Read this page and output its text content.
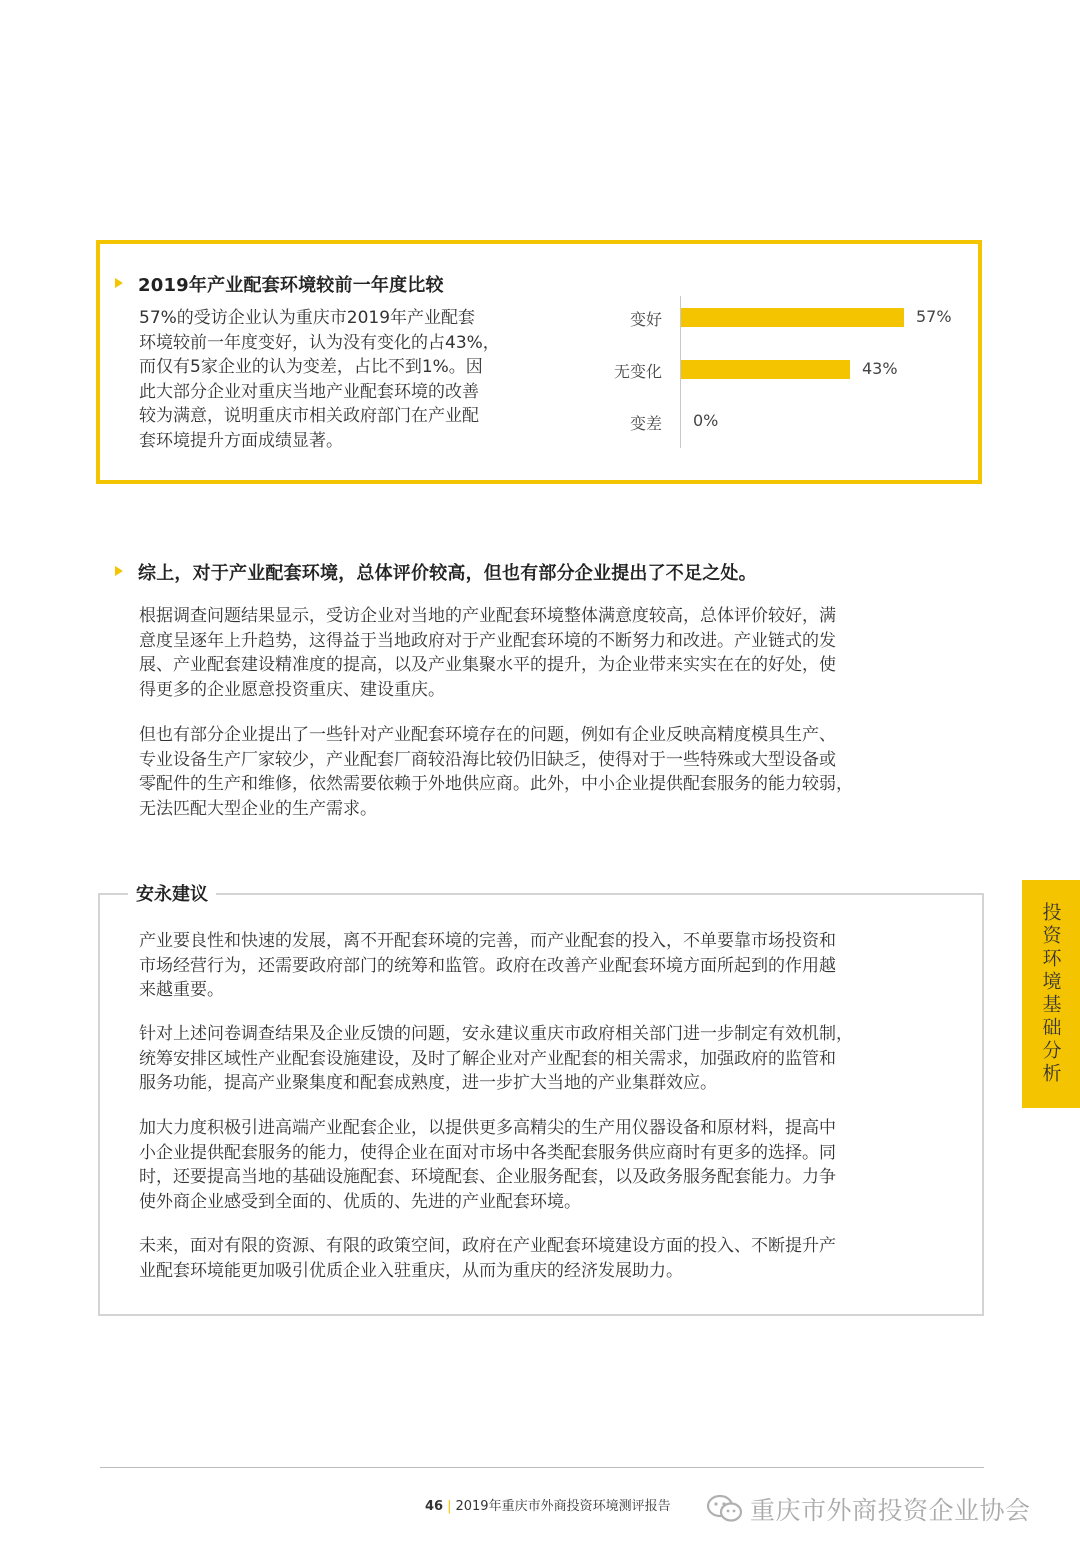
2019年产业配套环境较前一年度比较
57%的受访企业认为重庆市2019年产业配套
环境较前一年度变好，认为没有变化的占43%，
而仅有5家企业的认为变差，占比不到1%。因
此大部分企业对重庆当地产业配套环境的改善
较为满意，说明重庆市相关政府部门在产业配
套环境提升方面成绩显著。
变好	57%
无变化	43%
变差 0%
综上，对于产业配套环境，总体评价较高，但也有部分企业提出了不足之处。
根据调查问题结果显示，受访企业对当地的产业配套环境整体满意度较高，总体评价较好，满
意度呈逐年上升趋势，这得益于当地政府对于产业配套环境的不断努力和改进。产业链式的发
展、产业配套建设精准度的提高，以及产业集聚水平的提升，为企业带来实实在在的好处，使
得更多的企业愿意投资重庆、建设重庆。
但也有部分企业提出了一些针对产业配套环境存在的问题，例如有企业反映高精度模具生产、
专业设备生产厂家较少，产业配套厂商较沿海比较仍旧缺乏，使得对于一些特殊或大型设备或
零配件的生产和维修，依然需要依赖于外地供应商。此外，中小企业提供配套服务的能力较弱，
无法匹配大型企业的生产需求。
安永建议
产业要良性和快速的发展，离不开配套环境的完善，而产业配套的投入，不单要靠市场投资和
市场经营行为，还需要政府部门的统筹和监管。政府在改善产业配套环境方面所起到的作用越
来越重要。
针对上述问卷调查结果及企业反馈的问题，安永建议重庆市政府相关部门进一步制定有效机制，
统筹安排区域性产业配套设施建设，及时了解企业对产业配套的相关需求，加强政府的监管和
服务功能，提高产业聚集度和配套成熟度，进一步扩大当地的产业集群效应。
加大力度积极引进高端产业配套企业，以提供更多高精尖的生产用仪器设备和原材料，提高中
小企业提供配套服务的能力，使得企业在面对市场中各类配套服务供应商时有更多的选择。同
时，还要提高当地的基础设施配套、环境配套、企业服务配套，以及政务服务配套能力。力争
使外商企业感受到全面的、优质的、先进的产业配套环境。
未来，面对有限的资源、有限的政策空间，政府在产业配套环境建设方面的投入、不断提升产
业配套环境能更加吸引优质企业入驻重庆，从而为重庆的经济发展助力。
投资环境基础分析
46 | 2019年重庆市外商投资环境测评报告	重庆市外商投资企业协会
